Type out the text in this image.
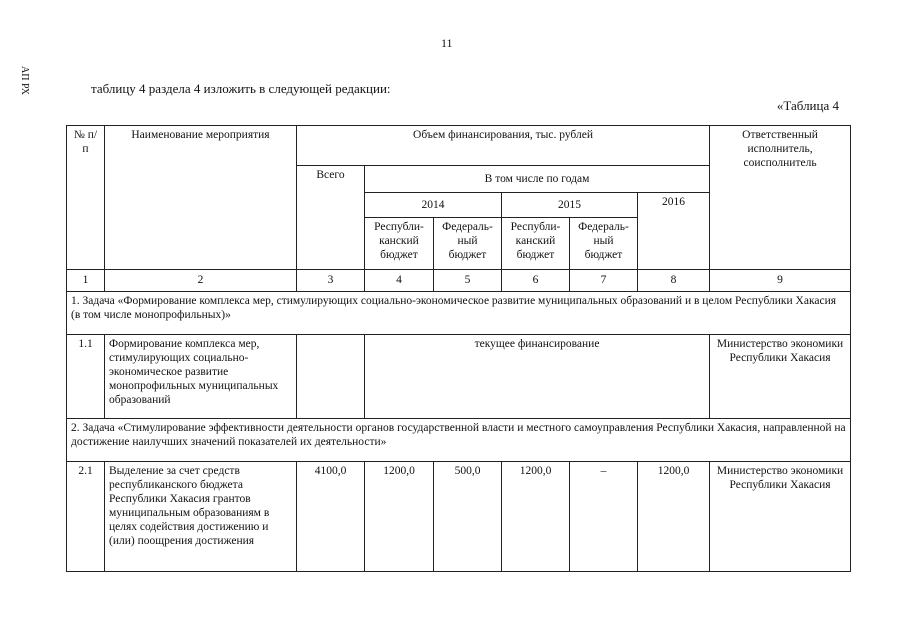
11
АП РХ	таблицу 4 раздела 4 изложить в следующей редакции:
«Таблица 4
№ п/п	Наименование мероприятия	Объем финансирования, тыс. рублей						Ответственный исполнитель, соисполнитель
		Всего	В том числе по годам					
			2014		2015		2016	
			Республи-канский бюджет	Федераль-ный бюджет	Республи-канский бюджет	Федераль-ный бюджет		
1	2	3	4	5	6	7	8	9
1. Задача «Формирование комплекса мер, стимулирующих социально-экономическое развитие муниципальных образований и в целом Республики Хакасия (в том числе монопрофильных)»								
1.1	Формирование комплекса мер, стимулирующих социально-экономическое развитие монопрофильных муниципальных образований		текущее финансирование					Министерство экономики Республики Хакасия
2. Задача «Стимулирование эффективности деятельности органов государственной власти и местного самоуправления Республики Хакасия, направленной на достижение наилучших значений показателей их деятельности»								
2.1	Выделение за счет средств республиканского бюджета Республики Хакасия грантов муниципальным образованиям в целях содействия достижению и (или) поощрения достижения	4100,0	1200,0	500,0	1200,0	–	1200,0	Министерство экономики Республики Хакасия
